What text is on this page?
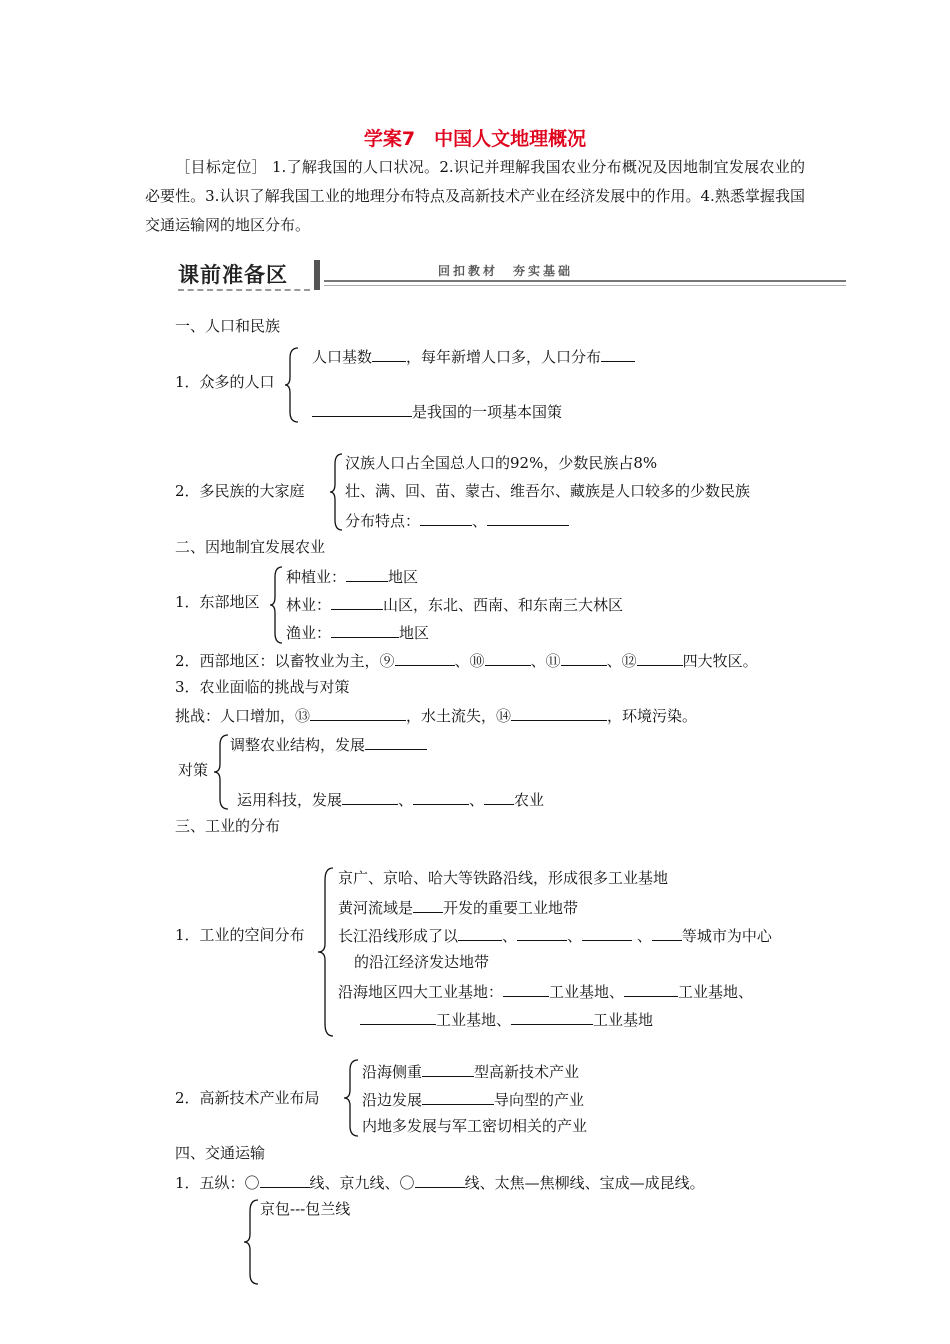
学案7　中国人文地理概况
［目标定位］ 1.了解我国的人口状况。2.识记并理解我国农业分布概况及因地制宜发展农业的必要性。3.认识了解我国工业的地理分布特点及高新技术产业在经济发展中的作用。4.熟悉掌握我国交通运输网的地区分布。
课前准备区	回扣教材　夯实基础
一、人口和民族
1．众多的人口
人口基数 ，每年新增人口多，人口分布
是我国的一项基本国策
2．多民族的大家庭
汉族人口占全国总人口的92%，少数民族占8%
壮、满、回、苗、蒙古、维吾尔、藏族是人口较多的少数民族
分布特点：	、
二、因地制宜发展农业
1．东部地区
种植业：	地区
林业：	山区，东北、西南、和东南三大林区
渔业：	地区
2．西部地区：以畜牧业为主，⑨	、⑩	、⑪	、⑫	四大牧区。
3．农业面临的挑战与对策
挑战：人口增加，⑬	，水土流失，⑭	，环境污染。
对策
调整农业结构，发展
运用科技，发展	、	、 农业
三、工业的分布
1．工业的空间分布
京广、京哈、哈大等铁路沿线，形成很多工业基地
黄河流域是 开发的重要工业地带
长江沿线形成了以	、	、	、 等城市为中心
的沿江经济发达地带
沿海地区四大工业基地：	工业基地、	工业基地、
工业基地、	工业基地
2．高新技术产业布局
沿海侧重	型高新技术产业
沿边发展	导向型的产业
内地多发展与军工密切相关的产业
四、交通运输
1．五纵：〇	线、京九线、〇	线、太焦—焦柳线、宝成—成昆线。
京包---包兰线
